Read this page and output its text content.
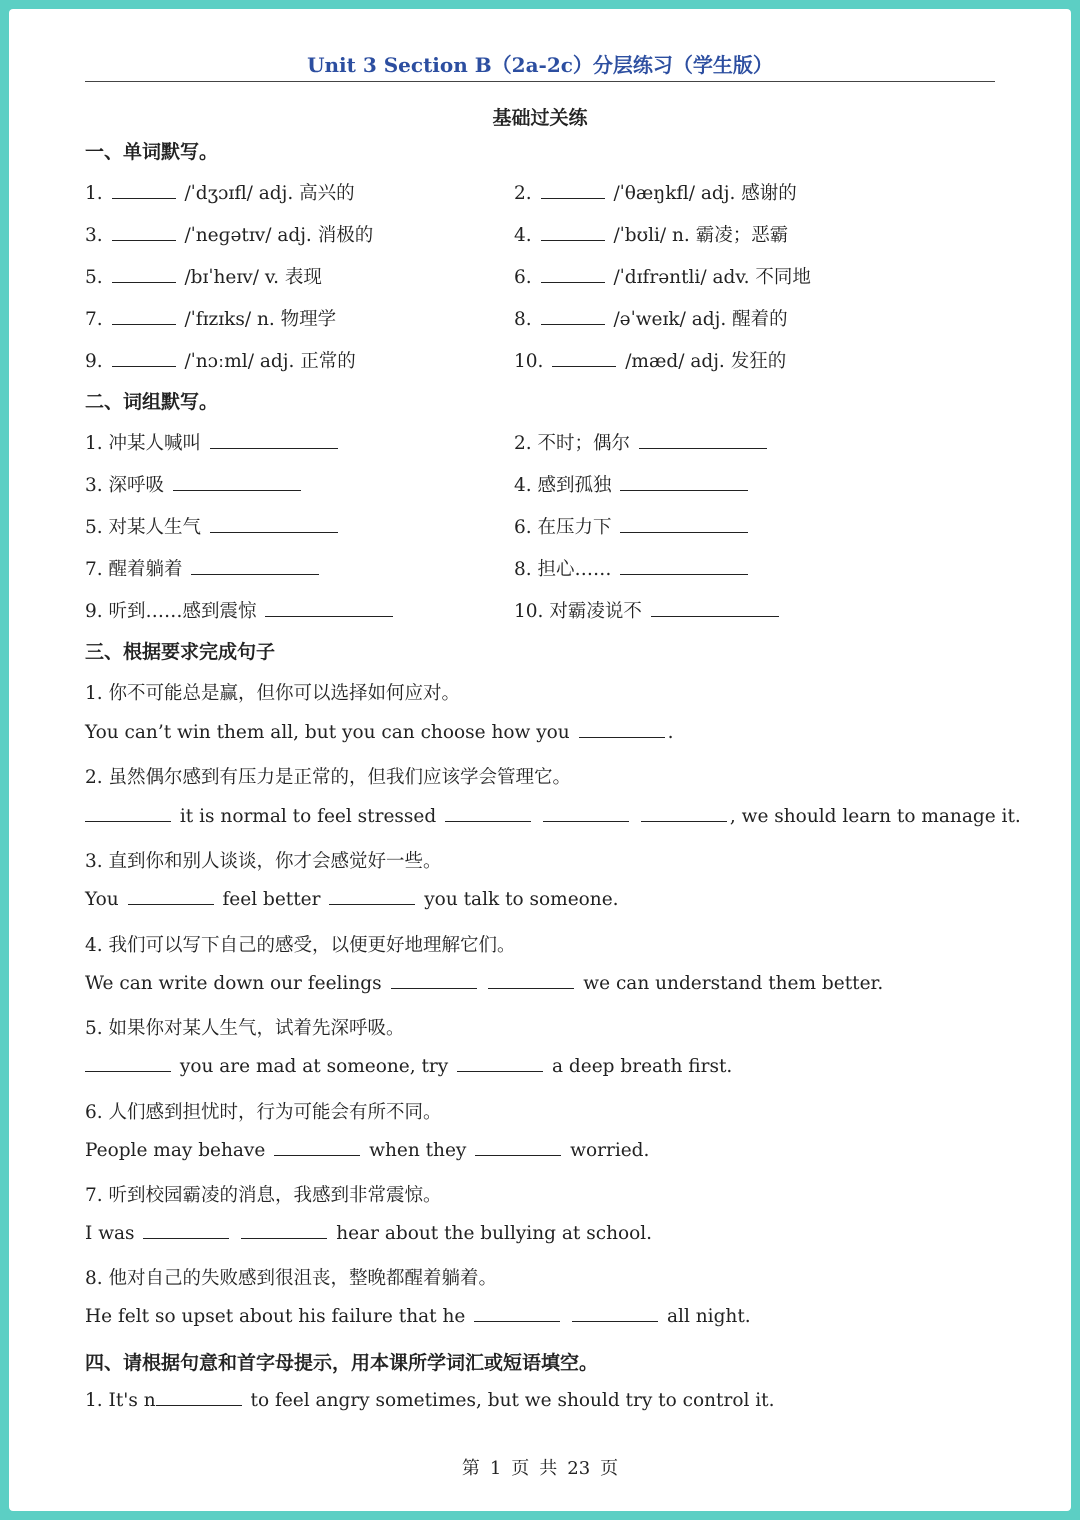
Unit 3 Section B（2a-2c）分层练习（学生版）
基础过关练
一、单词默写。
1.	/ˈdʒɔɪfl/ adj. 高兴的	2.	/ˈθæŋkfl/ adj. 感谢的
3.	/ˈneɡətɪv/ adj. 消极的	4.	/ˈbʊli/ n. 霸凌；恶霸
5.	/bɪˈheɪv/ v. 表现	6.	/ˈdɪfrəntli/ adv. 不同地
7.	/ˈfɪzɪks/ n. 物理学	8.	/əˈweɪk/ adj. 醒着的
9.	/ˈnɔːml/ adj. 正常的	10.	/mæd/ adj. 发狂的
二、词组默写。
1. 冲某人喊叫	2. 不时；偶尔
3. 深呼吸	4. 感到孤独
5. 对某人生气	6. 在压力下
7. 醒着躺着	8. 担心……
9. 听到……感到震惊	10. 对霸凌说不
三、根据要求完成句子
1. 你不可能总是赢，但你可以选择如何应对。
You can’t win them all, but you can choose how you	.
2. 虽然偶尔感到有压力是正常的，但我们应该学会管理它。
it is normal to feel stressed	, we should learn to manage it.
3. 直到你和别人谈谈，你才会感觉好一些。
You	feel better	you talk to someone.
4. 我们可以写下自己的感受，以便更好地理解它们。
We can write down our feelings	we can understand them better.
5. 如果你对某人生气，试着先深呼吸。
you are mad at someone, try	a deep breath first.
6. 人们感到担忧时，行为可能会有所不同。
People may behave	when they	worried.
7. 听到校园霸凌的消息，我感到非常震惊。
I was	hear about the bullying at school.
8. 他对自己的失败感到很沮丧，整晚都醒着躺着。
He felt so upset about his failure that he	all night.
四、请根据句意和首字母提示，用本课所学词汇或短语填空。
1. It's n	to feel angry sometimes, but we should try to control it.
第 1 页 共 23 页
